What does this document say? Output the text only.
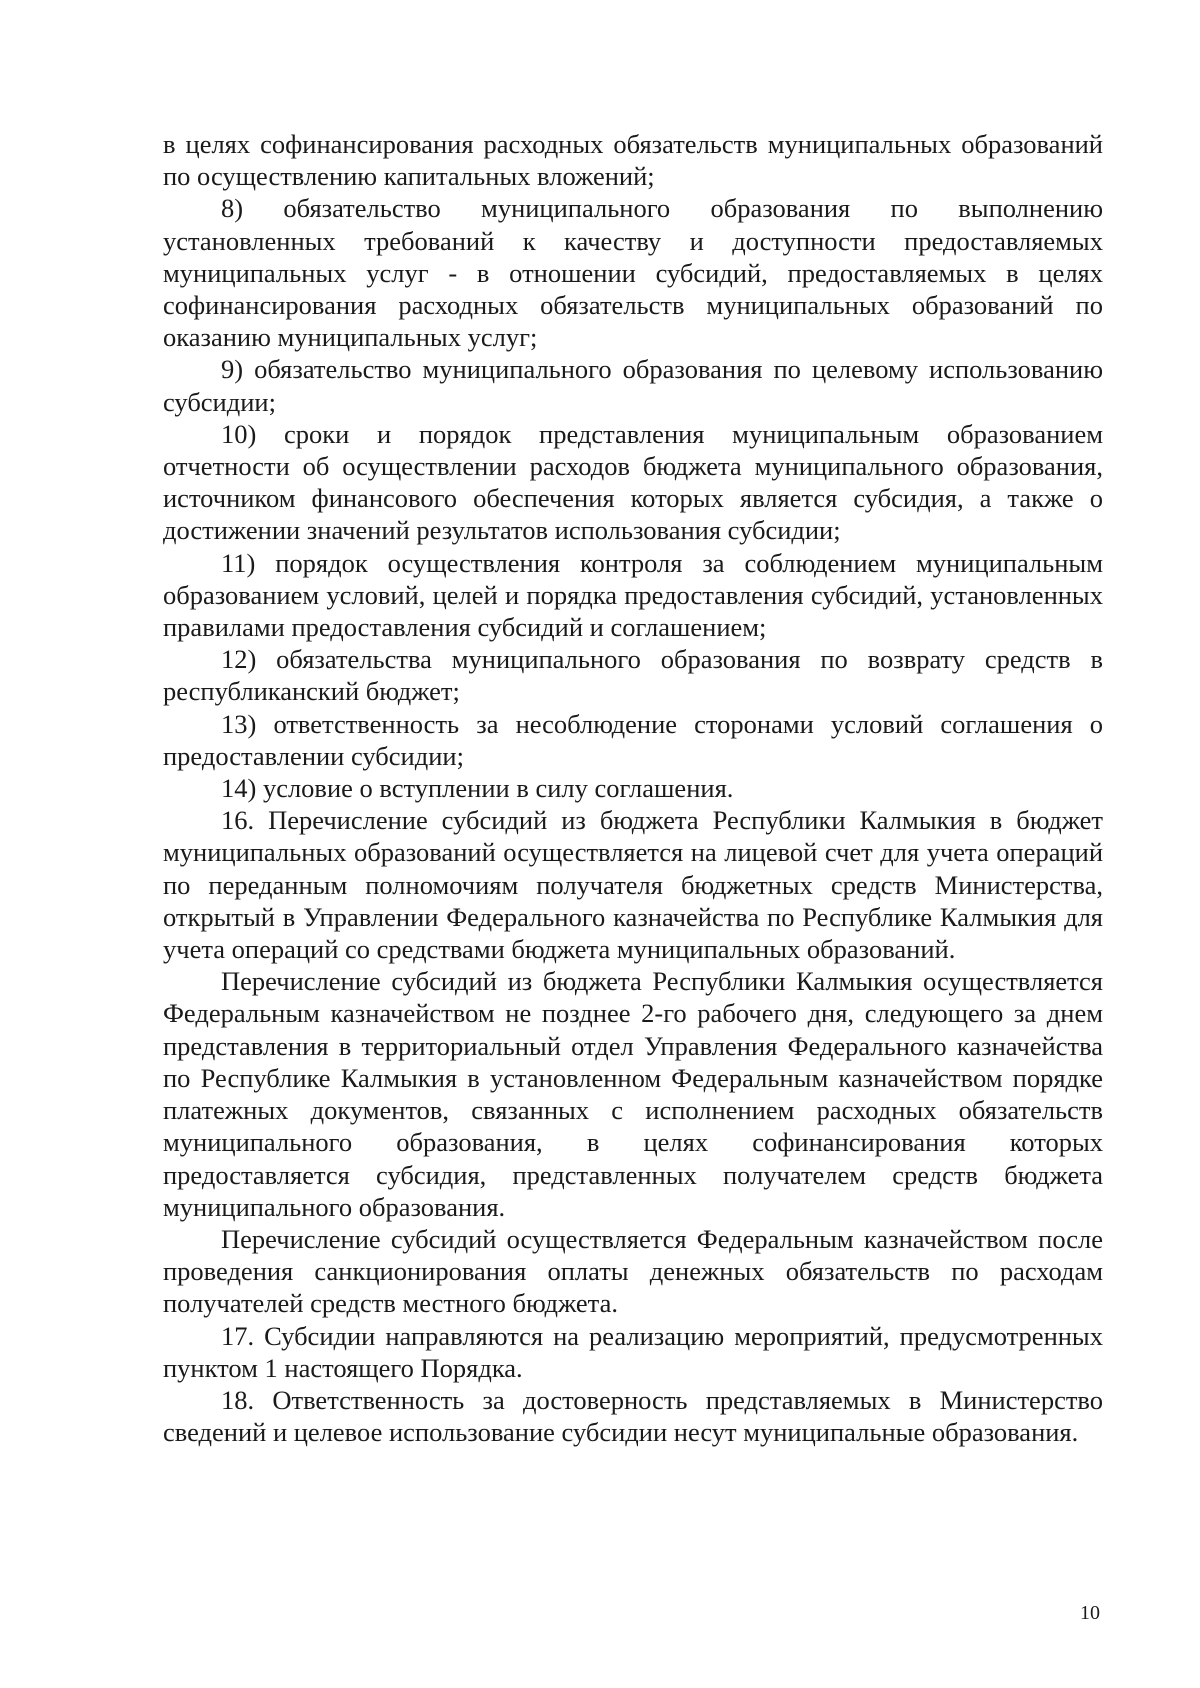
в целях софинансирования расходных обязательств муниципальных образований по осуществлению капитальных вложений;

8) обязательство муниципального образования по выполнению установленных требований к качеству и доступности предоставляемых муниципальных услуг - в отношении субсидий, предоставляемых в целях софинансирования расходных обязательств муниципальных образований по оказанию муниципальных услуг;

9) обязательство муниципального образования по целевому использованию субсидии;

10) сроки и порядок представления муниципальным образованием отчетности об осуществлении расходов бюджета муниципального образования, источником финансового обеспечения которых является субсидия, а также о достижении значений результатов использования субсидии;

11) порядок осуществления контроля за соблюдением муниципальным образованием условий, целей и порядка предоставления субсидий, установленных правилами предоставления субсидий и соглашением;

12) обязательства муниципального образования по возврату средств в республиканский бюджет;

13) ответственность за несоблюдение сторонами условий соглашения о предоставлении субсидии;

14) условие о вступлении в силу соглашения.

16. Перечисление субсидий из бюджета Республики Калмыкия в бюджет муниципальных образований осуществляется на лицевой счет для учета операций по переданным полномочиям получателя бюджетных средств Министерства, открытый в Управлении Федерального казначейства по Республике Калмыкия для учета операций со средствами бюджета муниципальных образований.

Перечисление субсидий из бюджета Республики Калмыкия осуществляется Федеральным казначейством не позднее 2-го рабочего дня, следующего за днем представления в территориальный отдел Управления Федерального казначейства по Республике Калмыкия в установленном Федеральным казначейством порядке платежных документов, связанных с исполнением расходных обязательств муниципального образования, в целях софинансирования которых предоставляется субсидия, представленных получателем средств бюджета муниципального образования.

Перечисление субсидий осуществляется Федеральным казначейством после проведения санкционирования оплаты денежных обязательств по расходам получателей средств местного бюджета.

17. Субсидии направляются на реализацию мероприятий, предусмотренных пунктом 1 настоящего Порядка.

18. Ответственность за достоверность представляемых в Министерство сведений и целевое использование субсидии несут муниципальные образования.

10
